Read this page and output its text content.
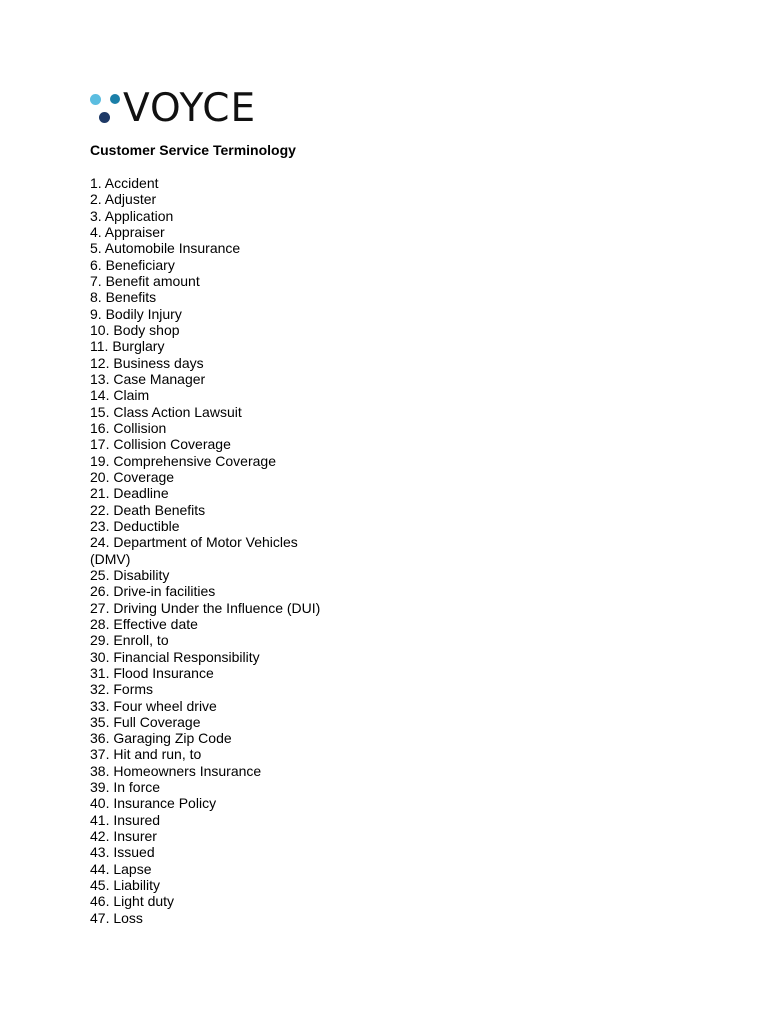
VOYCE
Customer Service Terminology
1. Accident
2. Adjuster
3. Application
4. Appraiser
5. Automobile Insurance
6. Beneficiary
7. Benefit amount
8. Benefits
9. Bodily Injury
10. Body shop
11. Burglary
12. Business days
13. Case Manager
14. Claim
15. Class Action Lawsuit
16. Collision
17. Collision Coverage
19. Comprehensive Coverage
20. Coverage
21. Deadline
22. Death Benefits
23. Deductible
24. Department of Motor Vehicles (DMV)
25. Disability
26. Drive-in facilities
27. Driving Under the Influence (DUI)
28. Effective date
29. Enroll, to
30. Financial Responsibility
31. Flood Insurance
32. Forms
33. Four wheel drive
35. Full Coverage
36. Garaging Zip Code
37. Hit and run, to
38. Homeowners Insurance
39. In force
40. Insurance Policy
41. Insured
42. Insurer
43. Issued
44. Lapse
45. Liability
46. Light duty
47. Loss
